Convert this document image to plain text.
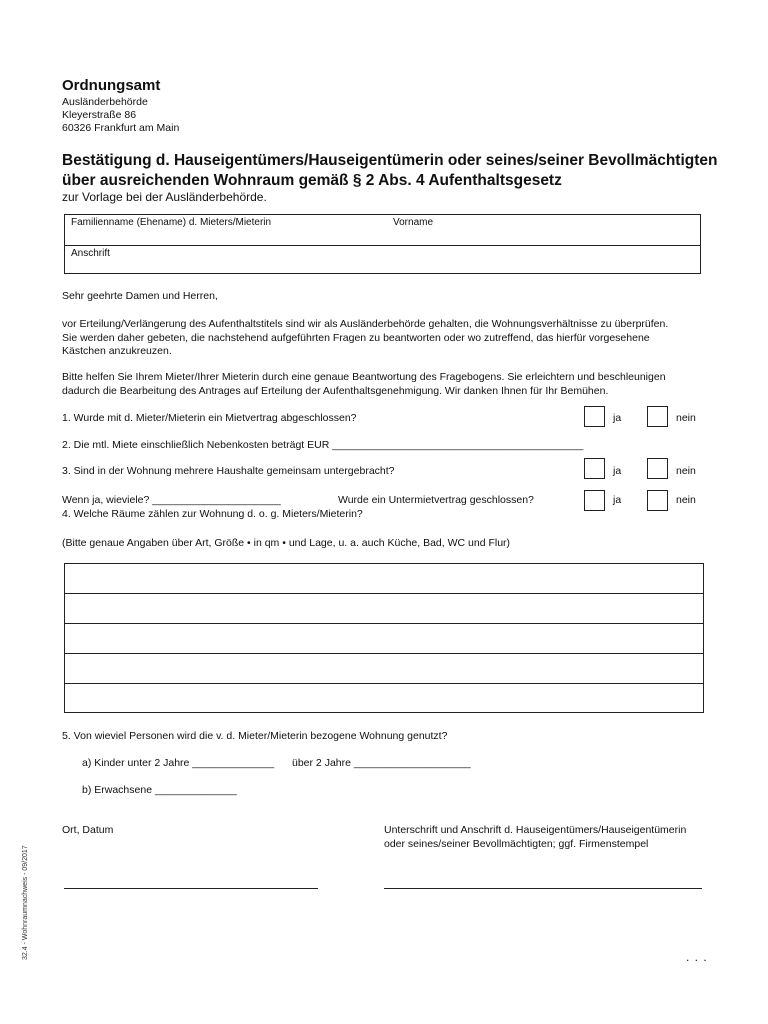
Ordnungsamt
Ausländerbehörde
Kleyerstraße 86
60326 Frankfurt am Main
Bestätigung d. Hauseigentümers/Hauseigentümerin oder seines/seiner Bevollmächtigten
über ausreichenden Wohnraum gemäß § 2 Abs. 4 Aufenthaltsgesetz
zur Vorlage bei der Ausländerbehörde.
Familienname (Ehename) d. Mieters/Mieterin	Vorname
Anschrift
Sehr geehrte Damen und Herren,
vor Erteilung/Verlängerung des Aufenthaltstitels sind wir als Ausländerbehörde gehalten, die Wohnungsverhältnisse zu überprüfen.
Sie werden daher gebeten, die nachstehend aufgeführten Fragen zu beantworten oder wo zutreffend, das hierfür vorgesehene
Kästchen anzukreuzen.
Bitte helfen Sie Ihrem Mieter/Ihrer Mieterin durch eine genaue Beantwortung des Fragebogens. Sie erleichtern und beschleunigen
dadurch die Bearbeitung des Antrages auf Erteilung der Aufenthaltsgenehmigung. Wir danken Ihnen für Ihr Bemühen.
1. Wurde mit d. Mieter/Mieterin ein Mietvertrag abgeschlossen?	ja	nein
2. Die mtl. Miete einschließlich Nebenkosten beträgt EUR ___________________________________________
3. Sind in der Wohnung mehrere Haushalte gemeinsam untergebracht?	ja	nein
Wenn ja, wieviele? ______________________	Wurde ein Untermietvertrag geschlossen?	ja	nein
4. Welche Räume zählen zur Wohnung d. o. g. Mieters/Mieterin?
(Bitte genaue Angaben über Art, Größe • in qm • und Lage, u. a. auch Küche, Bad, WC und Flur)
5. Von wieviel Personen wird die v. d. Mieter/Mieterin bezogene Wohnung genutzt?
a) Kinder unter 2 Jahre ______________ über 2 Jahre ____________________
b) Erwachsene ______________
Ort, Datum	Unterschrift und Anschrift d. Hauseigentümers/Hauseigentümerin
oder seines/seiner Bevollmächtigten; ggf. Firmenstempel
32.4 - Wohnraumnachweis - 09/2017	. . .
